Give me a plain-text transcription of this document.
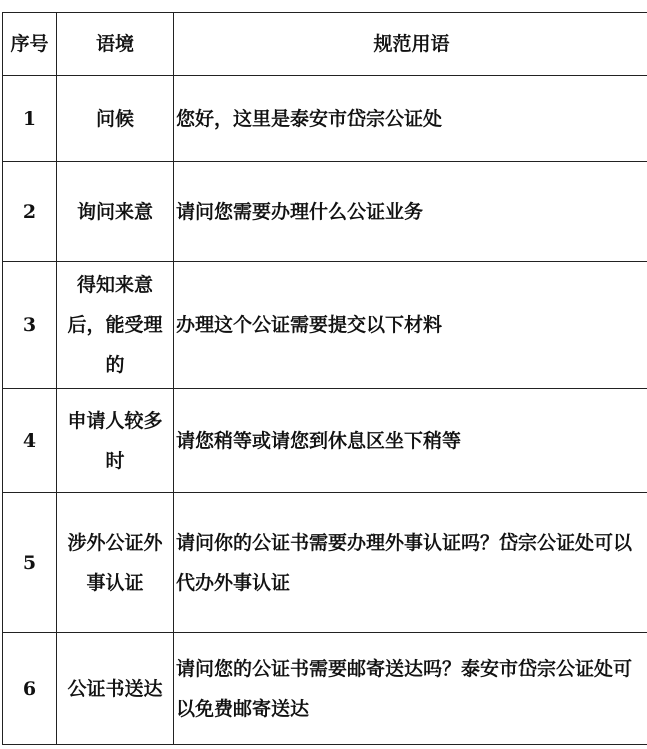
序号	语境	规范用语
1	问候	您好，这里是泰安市岱宗公证处
2	询问来意	请问您需要办理什么公证业务
3	得知来意后，能受理的	办理这个公证需要提交以下材料
4	申请人较多时	请您稍等或请您到休息区坐下稍等
5	涉外公证外事认证	请问你的公证书需要办理外事认证吗？岱宗公证处可以代办外事认证
6	公证书送达	请问您的公证书需要邮寄送达吗？泰安市岱宗公证处可以免费邮寄送达
